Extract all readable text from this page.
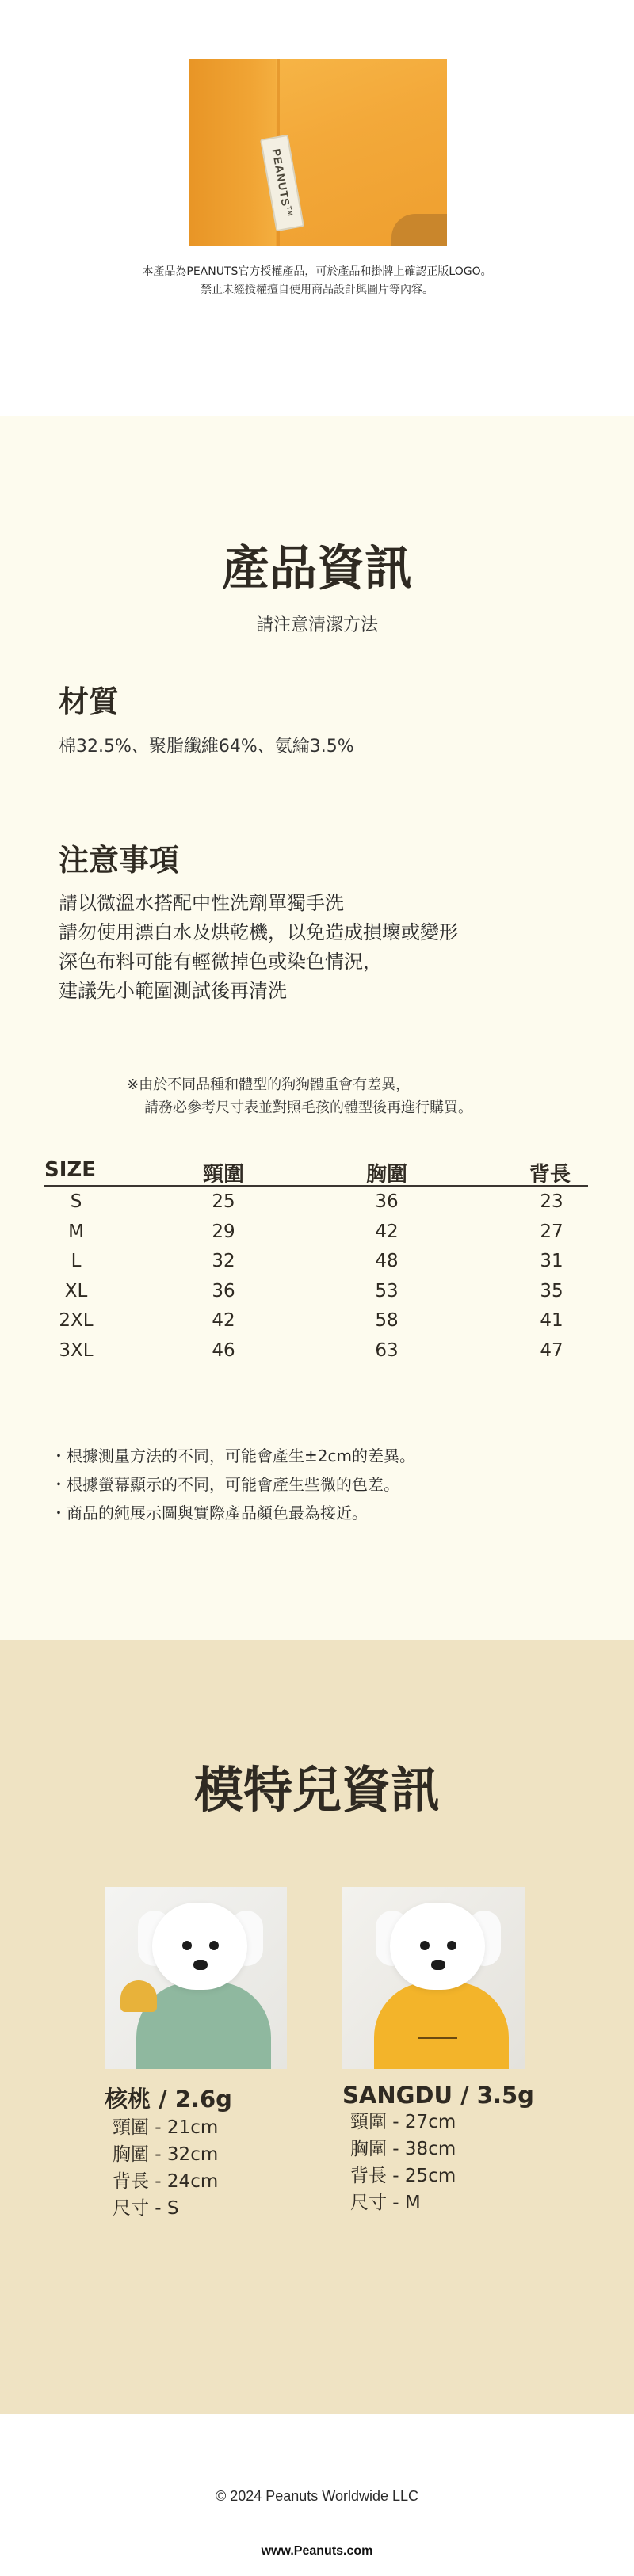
PEANUTS™
本產品為PEANUTS官方授權產品，可於產品和掛牌上確認正版LOGO。
禁止未經授權擅自使用商品設計與圖片等內容。
產品資訊
請注意清潔方法
材質
棉32.5%、聚脂纖維64%、氨綸3.5%
注意事項
請以微溫水搭配中性洗劑單獨手洗
請勿使用漂白水及烘乾機，以免造成損壞或變形
深色布料可能有輕微掉色或染色情況，
建議先小範圍測試後再清洗
※由於不同品種和體型的狗狗體重會有差異，
請務必參考尺寸表並對照毛孩的體型後再進行購買。
SIZE	頸圍	胸圍	背長
S	25	36	23
M	29	42	27
L	32	48	31
XL	36	53	35
2XL	42	58	41
3XL	46	63	47
・根據測量方法的不同，可能會產生±2cm的差異。
・根據螢幕顯示的不同，可能會產生些微的色差。
・商品的純展示圖與實際產品顏色最為接近。
模特兒資訊
核桃 / 2.6g
頸圍 - 21cm
胸圍 - 32cm
背長 - 24cm
尺寸 - S
SANGDU / 3.5g
頸圍 - 27cm
胸圍 - 38cm
背長 - 25cm
尺寸 - M
© 2024 Peanuts Worldwide LLC
www.Peanuts.com
